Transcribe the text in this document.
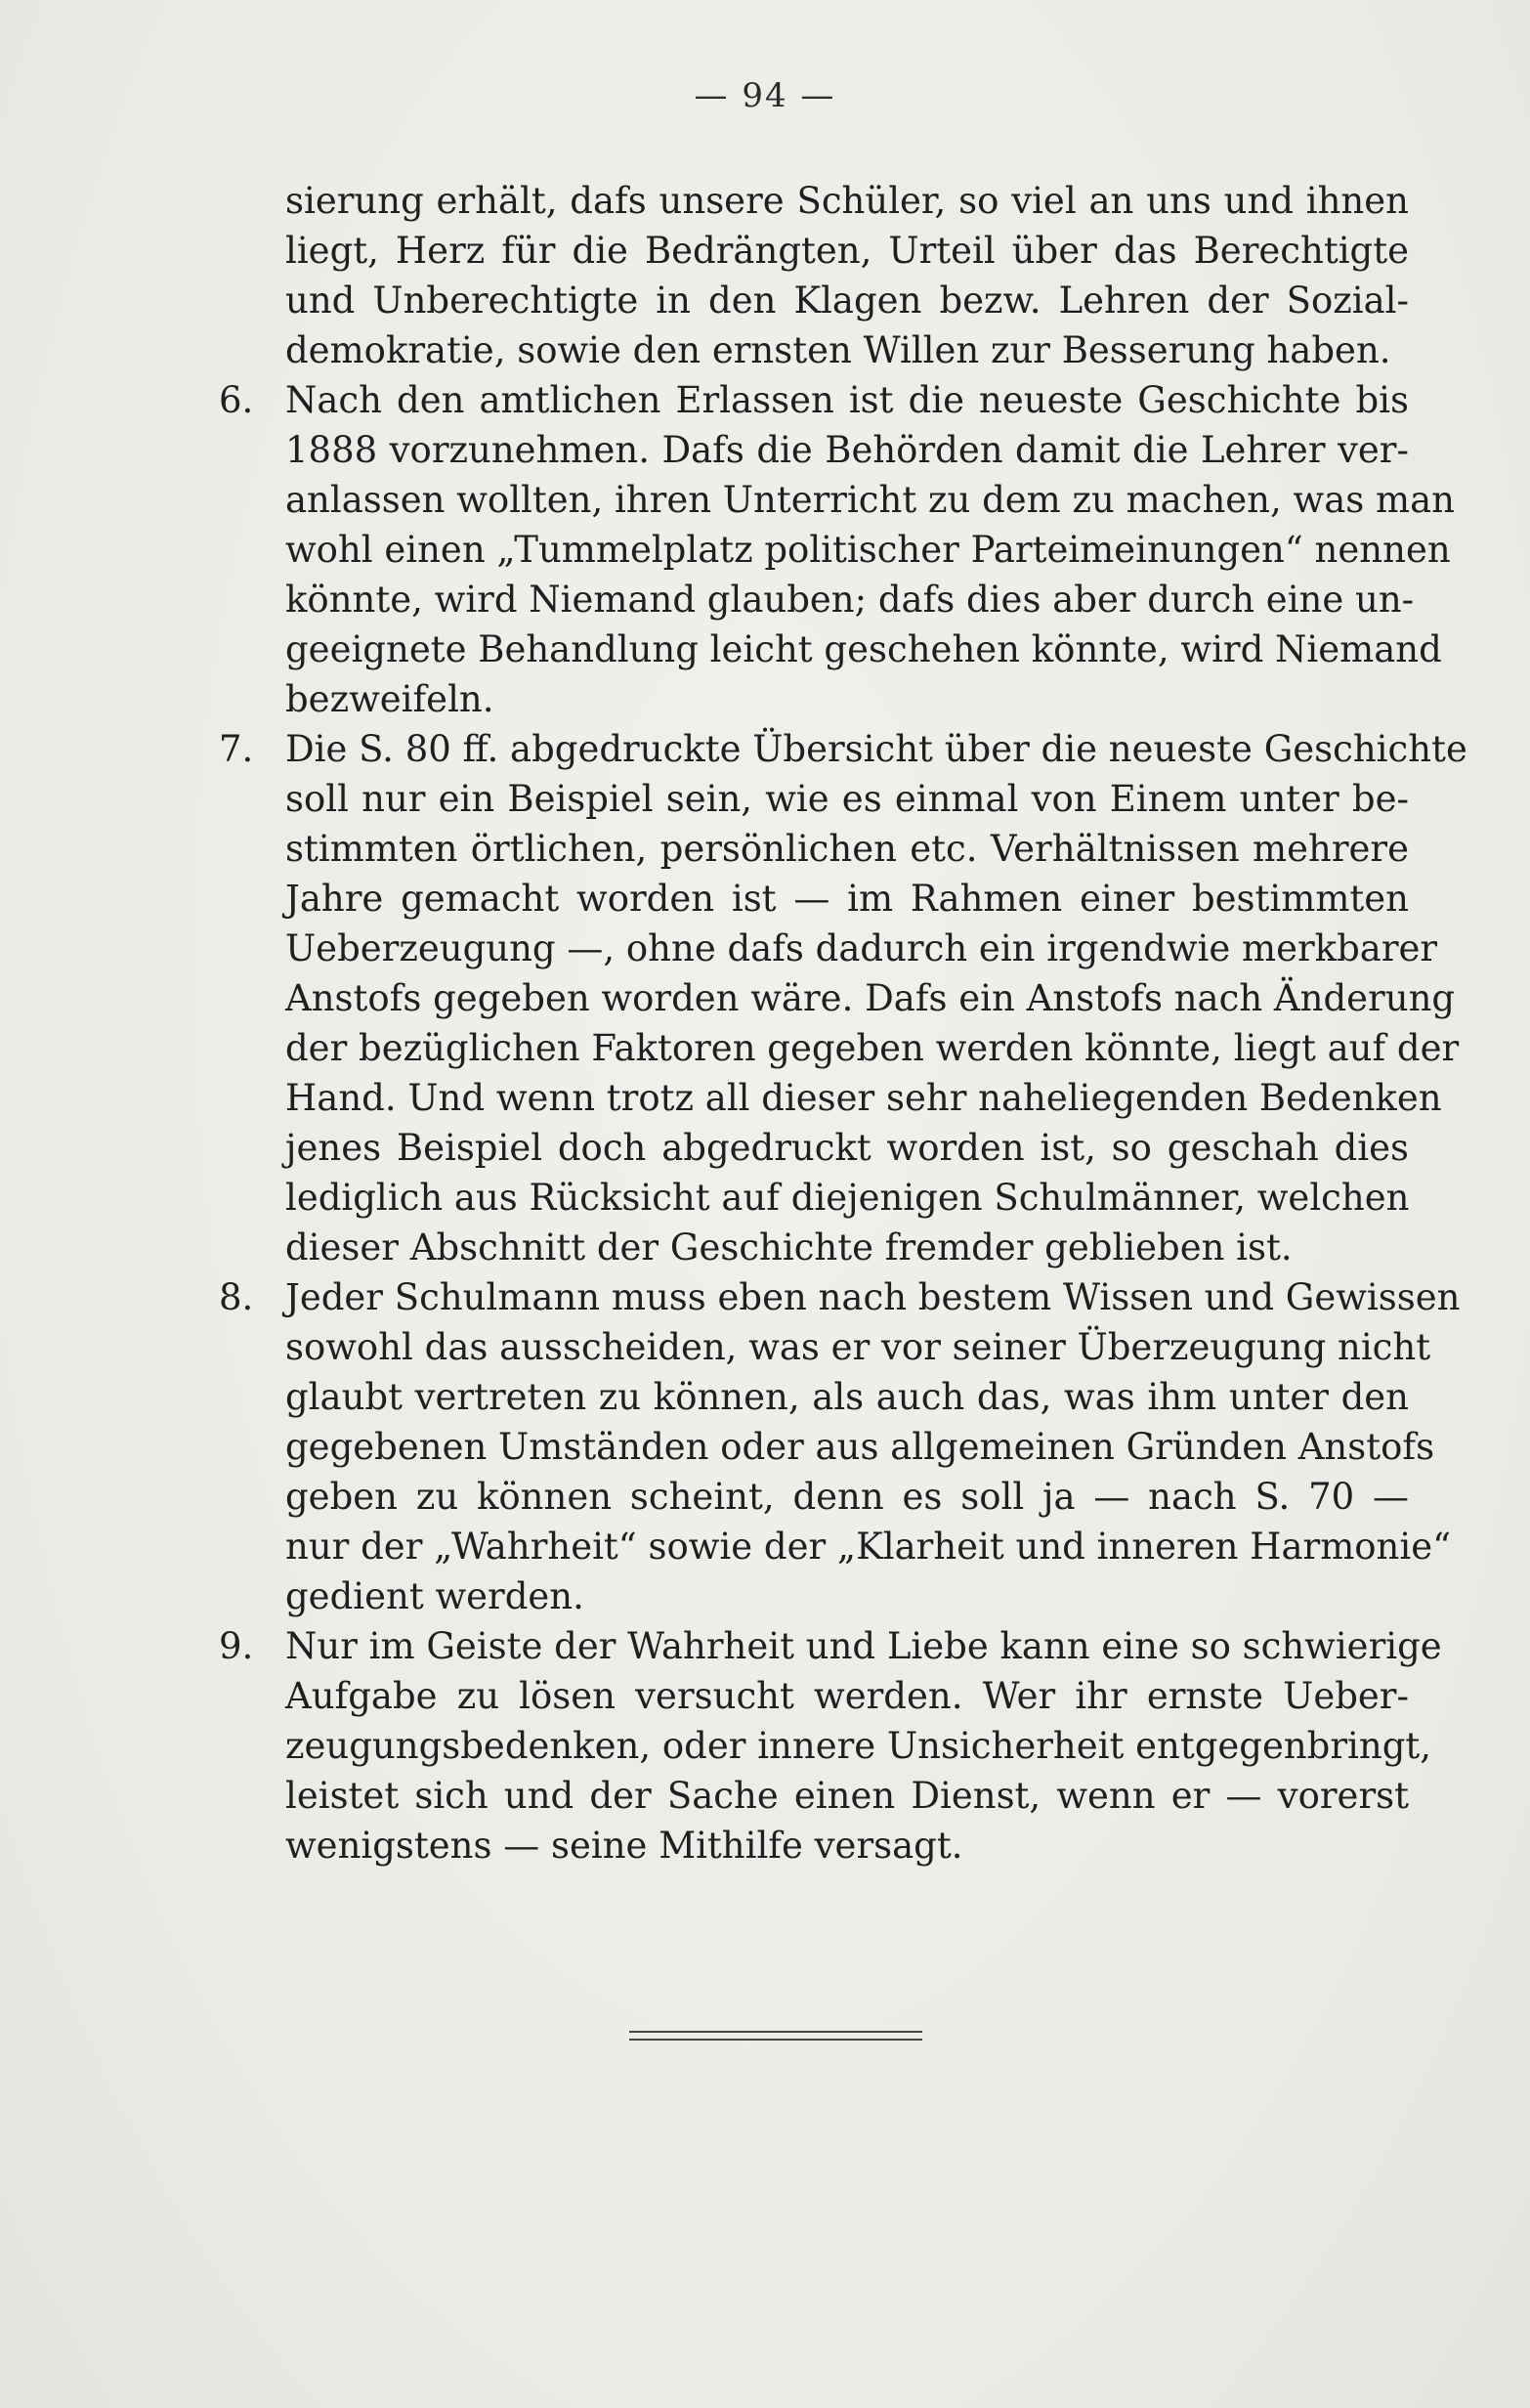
— 94 —
sierung erhält, dafs unsere Schüler, so viel an uns und ihnen
liegt, Herz für die Bedrängten, Urteil über das Berechtigte
und Unberechtigte in den Klagen bezw. Lehren der Sozial-
demokratie, sowie den ernsten Willen zur Besserung haben.
6. Nach den amtlichen Erlassen ist die neueste Geschichte bis
1888 vorzunehmen. Dafs die Behörden damit die Lehrer ver-
anlassen wollten, ihren Unterricht zu dem zu machen, was man
wohl einen „Tummelplatz politischer Parteimeinungen“ nennen
könnte, wird Niemand glauben; dafs dies aber durch eine un-
geeignete Behandlung leicht geschehen könnte, wird Niemand
bezweifeln.
7. Die S. 80 ff. abgedruckte Übersicht über die neueste Geschichte
soll nur ein Beispiel sein, wie es einmal von Einem unter be-
stimmten örtlichen, persönlichen etc. Verhältnissen mehrere
Jahre gemacht worden ist — im Rahmen einer bestimmten
Ueberzeugung —, ohne dafs dadurch ein irgendwie merkbarer
Anstofs gegeben worden wäre. Dafs ein Anstofs nach Änderung
der bezüglichen Faktoren gegeben werden könnte, liegt auf der
Hand. Und wenn trotz all dieser sehr naheliegenden Bedenken
jenes Beispiel doch abgedruckt worden ist, so geschah dies
lediglich aus Rücksicht auf diejenigen Schulmänner, welchen
dieser Abschnitt der Geschichte fremder geblieben ist.
8. Jeder Schulmann muss eben nach bestem Wissen und Gewissen
sowohl das ausscheiden, was er vor seiner Überzeugung nicht
glaubt vertreten zu können, als auch das, was ihm unter den
gegebenen Umständen oder aus allgemeinen Gründen Anstofs
geben zu können scheint, denn es soll ja — nach S. 70 —
nur der „Wahrheit“ sowie der „Klarheit und inneren Harmonie“
gedient werden.
9. Nur im Geiste der Wahrheit und Liebe kann eine so schwierige
Aufgabe zu lösen versucht werden. Wer ihr ernste Ueber-
zeugungsbedenken, oder innere Unsicherheit entgegenbringt,
leistet sich und der Sache einen Dienst, wenn er — vorerst
wenigstens — seine Mithilfe versagt.
